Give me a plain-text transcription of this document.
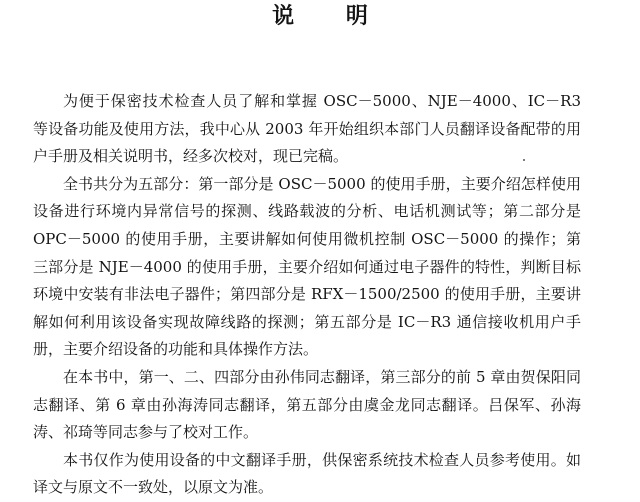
说 明

为便于保密技术检查人员了解和掌握 OSC－5000、NJE－4000、IC－R3 等设备功能及使用方法，我中心从 2003 年开始组织本部门人员翻译设备配带的用户手册及相关说明书，经多次校对，现已完稿。

全书共分为五部分：第一部分是 OSC－5000 的使用手册，主要介绍怎样使用设备进行环境内异常信号的探测、线路载波的分析、电话机测试等；第二部分是 OPC－5000 的使用手册，主要讲解如何使用微机控制 OSC－5000 的操作；第三部分是 NJE－4000 的使用手册，主要介绍如何通过电子器件的特性，判断目标环境中安装有非法电子器件；第四部分是 RFX－1500/2500 的使用手册，主要讲解如何利用该设备实现故障线路的探测；第五部分是 IC－R3 通信接收机用户手册，主要介绍设备的功能和具体操作方法。

在本书中，第一、二、四部分由孙伟同志翻译，第三部分的前 5 章由贺保阳同志翻译、第 6 章由孙海涛同志翻译，第五部分由虞金龙同志翻译。吕保军、孙海涛、祁琦等同志参与了校对工作。

本书仅作为使用设备的中文翻译手册，供保密系统技术检查人员参考使用。如译文与原文不一致处，以原文为准。
